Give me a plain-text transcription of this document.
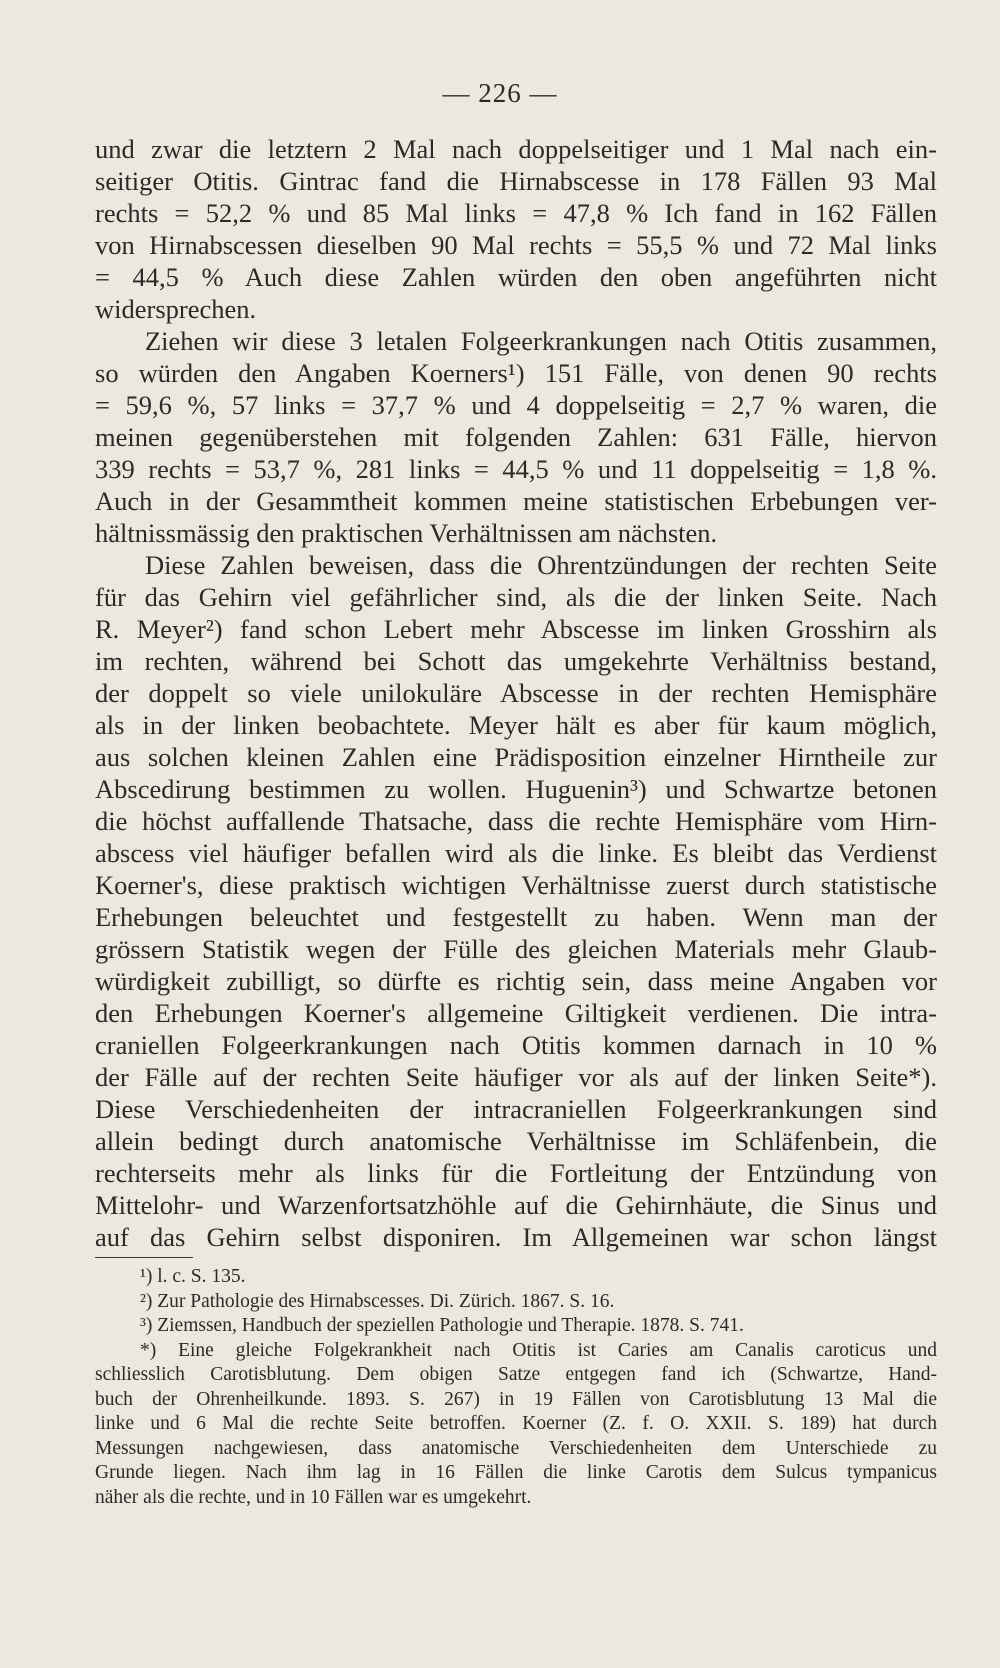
— 226 —
und zwar die letztern 2 Mal nach doppelseitiger und 1 Mal nach ein-
seitiger Otitis. Gintrac fand die Hirnabscesse in 178 Fällen 93 Mal
rechts = 52,2 % und 85 Mal links = 47,8 % Ich fand in 162 Fällen
von Hirnabscessen dieselben 90 Mal rechts = 55,5 % und 72 Mal links
= 44,5 % Auch diese Zahlen würden den oben angeführten nicht
widersprechen.
Ziehen wir diese 3 letalen Folgeerkrankungen nach Otitis zusammen,
so würden den Angaben Koerners¹) 151 Fälle, von denen 90 rechts
= 59,6 %, 57 links = 37,7 % und 4 doppelseitig = 2,7 % waren, die
meinen gegenüberstehen mit folgenden Zahlen: 631 Fälle, hiervon
339 rechts = 53,7 %, 281 links = 44,5 % und 11 doppelseitig = 1,8 %.
Auch in der Gesammtheit kommen meine statistischen Erbebungen ver-
hältnissmässig den praktischen Verhältnissen am nächsten.
Diese Zahlen beweisen, dass die Ohrentzündungen der rechten Seite
für das Gehirn viel gefährlicher sind, als die der linken Seite. Nach
R. Meyer²) fand schon Lebert mehr Abscesse im linken Grosshirn als
im rechten, während bei Schott das umgekehrte Verhältniss bestand,
der doppelt so viele unilokuläre Abscesse in der rechten Hemisphäre
als in der linken beobachtete. Meyer hält es aber für kaum möglich,
aus solchen kleinen Zahlen eine Prädisposition einzelner Hirntheile zur
Abscedirung bestimmen zu wollen. Huguenin³) und Schwartze betonen
die höchst auffallende Thatsache, dass die rechte Hemisphäre vom Hirn-
abscess viel häufiger befallen wird als die linke. Es bleibt das Verdienst
Koerner's, diese praktisch wichtigen Verhältnisse zuerst durch statistische
Erhebungen beleuchtet und festgestellt zu haben. Wenn man der
grössern Statistik wegen der Fülle des gleichen Materials mehr Glaub-
würdigkeit zubilligt, so dürfte es richtig sein, dass meine Angaben vor
den Erhebungen Koerner's allgemeine Giltigkeit verdienen. Die intra-
craniellen Folgeerkrankungen nach Otitis kommen darnach in 10 %
der Fälle auf der rechten Seite häufiger vor als auf der linken Seite*).
Diese Verschiedenheiten der intracraniellen Folgeerkrankungen sind
allein bedingt durch anatomische Verhältnisse im Schläfenbein, die
rechterseits mehr als links für die Fortleitung der Entzündung von
Mittelohr- und Warzenfortsatzhöhle auf die Gehirnhäute, die Sinus und
auf das Gehirn selbst disponiren. Im Allgemeinen war schon längst
¹) l. c. S. 135.
²) Zur Pathologie des Hirnabscesses. Di. Zürich. 1867. S. 16.
³) Ziemssen, Handbuch der speziellen Pathologie und Therapie. 1878. S. 741.
*) Eine gleiche Folgekrankheit nach Otitis ist Caries am Canalis caroticus und
schliesslich Carotisblutung. Dem obigen Satze entgegen fand ich (Schwartze, Hand-
buch der Ohrenheilkunde. 1893. S. 267) in 19 Fällen von Carotisblutung 13 Mal die
linke und 6 Mal die rechte Seite betroffen. Koerner (Z. f. O. XXII. S. 189) hat durch
Messungen nachgewiesen, dass anatomische Verschiedenheiten dem Unterschiede zu
Grunde liegen. Nach ihm lag in 16 Fällen die linke Carotis dem Sulcus tympanicus
näher als die rechte, und in 10 Fällen war es umgekehrt.
